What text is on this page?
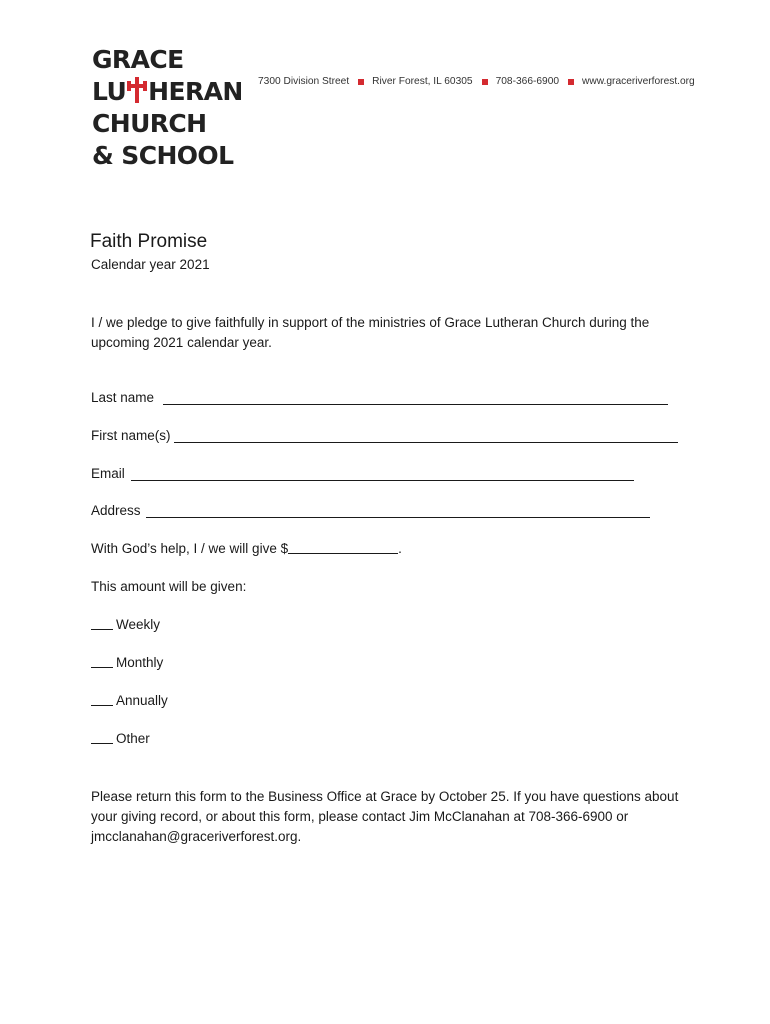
GRACE
LU HERAN
CHURCH
& SCHOOL
7300 Division Street River Forest, IL 60305 708-366-6900 www.graceriverforest.org
Faith Promise
Calendar year 2021
I / we pledge to give faithfully in support of the ministries of Grace Lutheran Church during the upcoming 2021 calendar year.
Last name
First name(s)
Email
Address
With God’s help, I / we will give $	.
This amount will be given:
Weekly
Monthly
Annually
Other
Please return this form to the Business Office at Grace by October 25. If you have questions about your giving record, or about this form, please contact Jim McClanahan at 708-366-6900 or jmcclanahan@graceriverforest.org.
